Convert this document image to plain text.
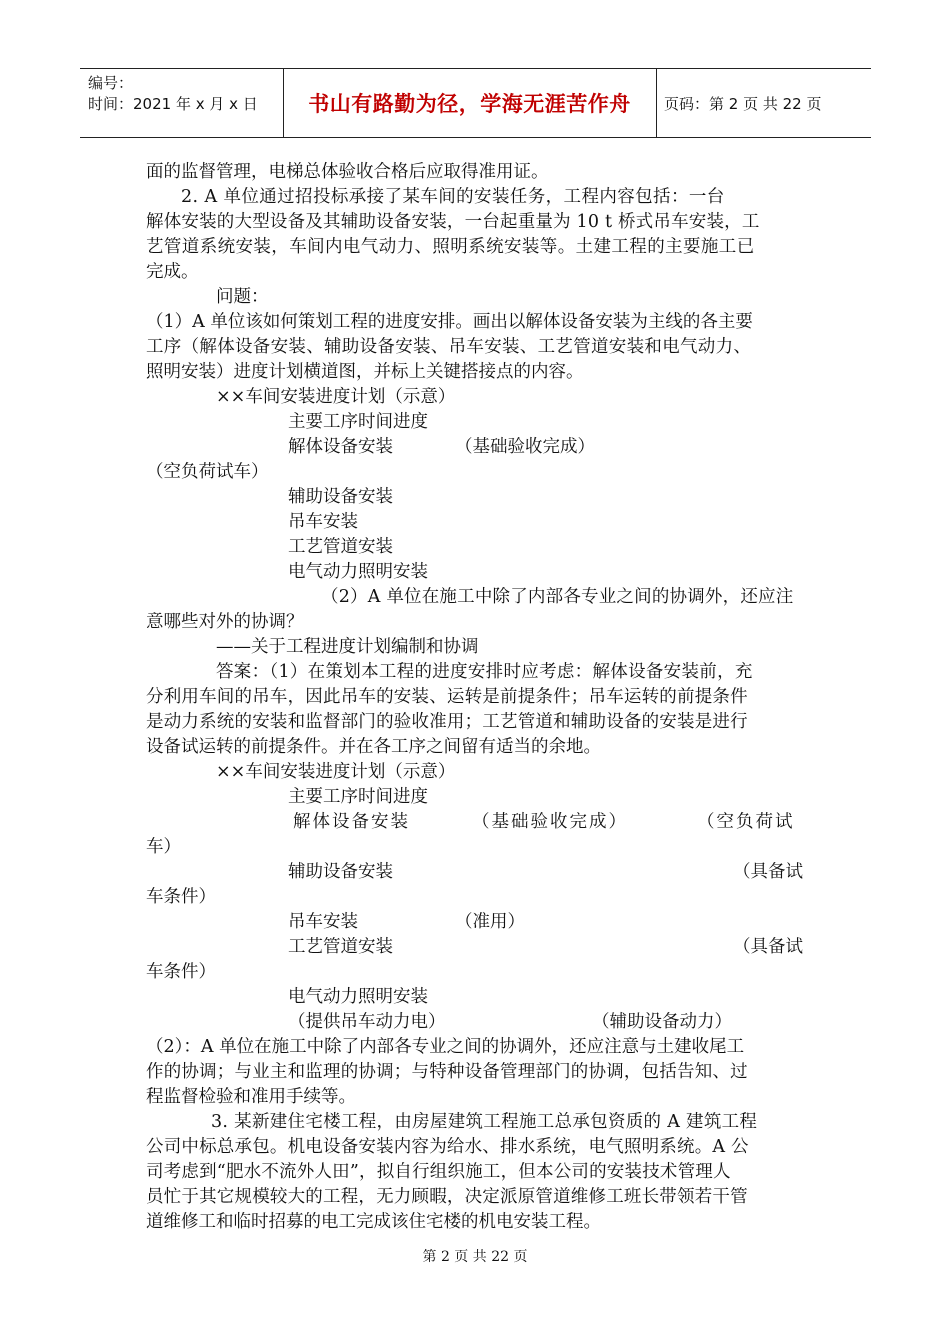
编号：
时间：2021 年 x 月 x 日	书山有路勤为径，学海无涯苦作舟	页码：第 2 页 共 22 页
面的监督管理，电梯总体验收合格后应取得准用证。
2. A 单位通过招投标承接了某车间的安装任务，工程内容包括：一台
解体安装的大型设备及其辅助设备安装，一台起重量为 10 t 桥式吊车安装，工
艺管道系统安装，车间内电气动力、照明系统安装等。土建工程的主要施工已
完成。
问题：
（1）A 单位该如何策划工程的进度安排。画出以解体设备安装为主线的各主要
工序（解体设备安装、辅助设备安装、吊车安装、工艺管道安装和电气动力、
照明安装）进度计划横道图，并标上关键搭接点的内容。
××车间安装进度计划（示意）
主要工序时间进度
解体设备安装	（基础验收完成）
（空负荷试车）
辅助设备安装
吊车安装
工艺管道安装
电气动力照明安装
（2）A 单位在施工中除了内部各专业之间的协调外，还应注
意哪些对外的协调？
——关于工程进度计划编制和协调
答案：（1）在策划本工程的进度安排时应考虑：解体设备安装前，充
分利用车间的吊车，因此吊车的安装、运转是前提条件；吊车运转的前提条件
是动力系统的安装和监督部门的验收准用；工艺管道和辅助设备的安装是进行
设备试运转的前提条件。并在各工序之间留有适当的余地。
××车间安装进度计划（示意）
主要工序时间进度
解体设备安装	（基础验收完成）	（空负荷试
车）
辅助设备安装	（具备试
车条件）
吊车安装	（准用）
工艺管道安装	（具备试
车条件）
电气动力照明安装
（提供吊车动力电）	（辅助设备动力）
（2）：A 单位在施工中除了内部各专业之间的协调外，还应注意与土建收尾工
作的协调；与业主和监理的协调；与特种设备管理部门的协调，包括告知、过
程监督检验和准用手续等。
3. 某新建住宅楼工程，由房屋建筑工程施工总承包资质的 A 建筑工程
公司中标总承包。机电设备安装内容为给水、排水系统，电气照明系统。A 公
司考虑到“肥水不流外人田”，拟自行组织施工，但本公司的安装技术管理人
员忙于其它规模较大的工程，无力顾暇，决定派原管道维修工班长带领若干管
道维修工和临时招募的电工完成该住宅楼的机电安装工程。
第 2 页 共 22 页
